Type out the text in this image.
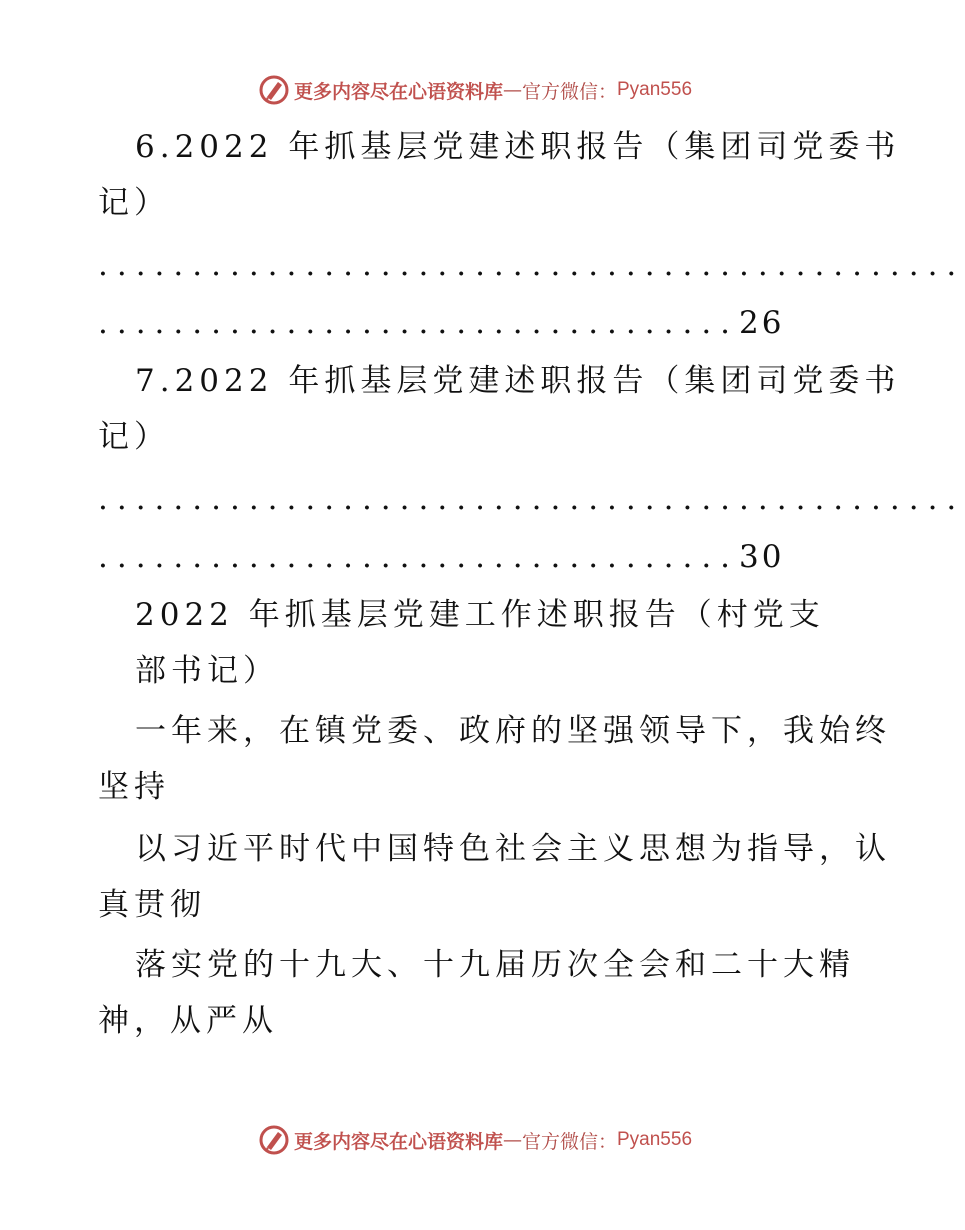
更多内容尽在心语资料库 — 官方微信： Pyan556
6.2022 年抓基层党建述职报告（集团司党委书
记）
..............................................
..................................26
7.2022 年抓基层党建述职报告（集团司党委书
记）
..............................................
..................................30
2022 年抓基层党建工作述职报告（村党支
部书记）
一年来，在镇党委、政府的坚强领导下，我始终
坚持
以习近平时代中国特色社会主义思想为指导，认
真贯彻
落实党的十九大、十九届历次全会和二十大精
神，从严从
更多内容尽在心语资料库 — 官方微信： Pyan556
